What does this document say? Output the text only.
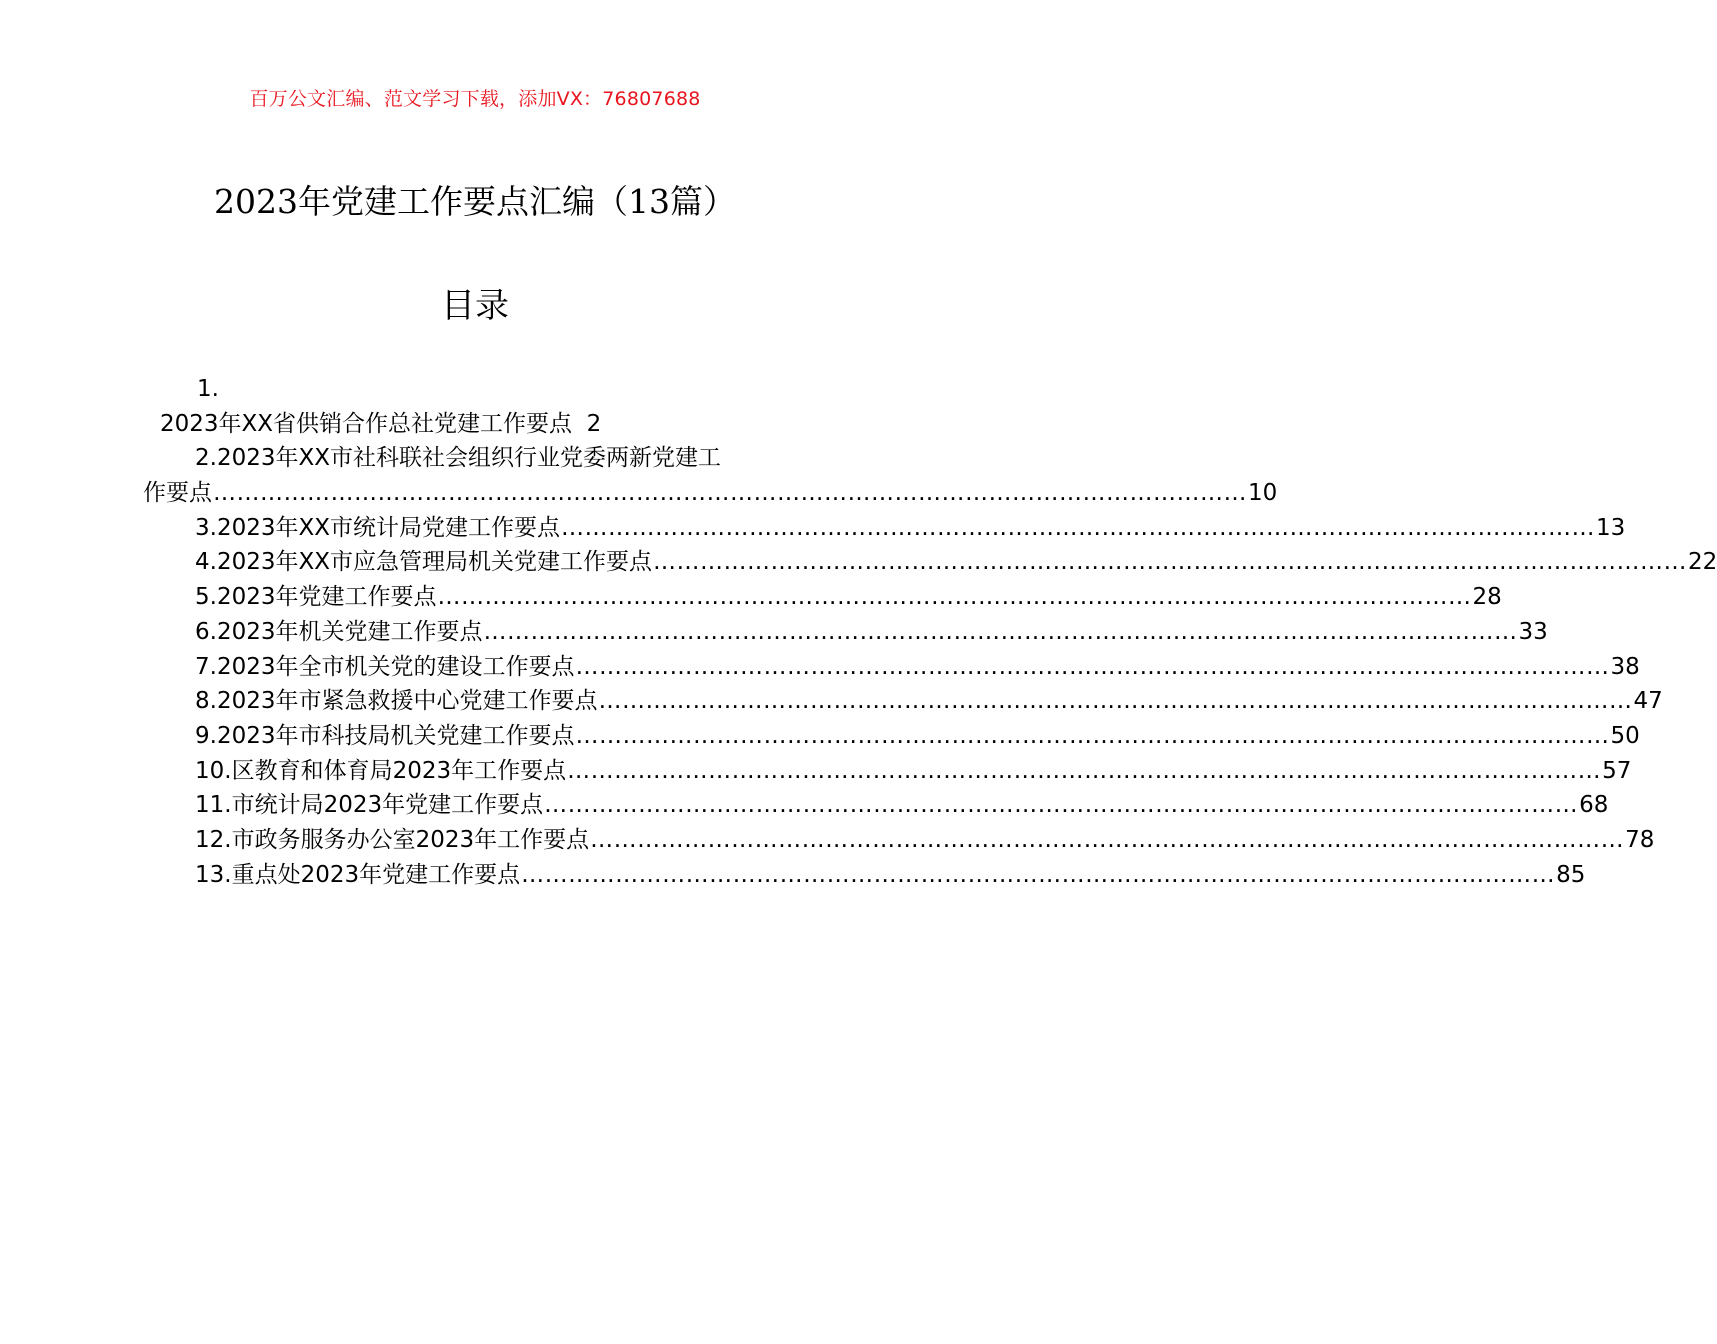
百万公文汇编、范文学习下载，添加VX：76807688
2023年党建工作要点汇编（13篇）
目录
1.
2023年XX省供销合作总社党建工作要点 2
2.2023年XX市社科联社会组织行业党委两新党建工
作要点 …………………………………………………………………………………………………………………… 10
3.2023年XX市统计局党建工作要点 …………………………………………………………………………………………………………………… 13
4.2023年XX市应急管理局机关党建工作要点 …………………………………………………………………………………………………………………… 22
5.2023年党建工作要点 …………………………………………………………………………………………………………………… 28
6.2023年机关党建工作要点 …………………………………………………………………………………………………………………… 33
7.2023年全市机关党的建设工作要点 …………………………………………………………………………………………………………………… 38
8.2023年市紧急救援中心党建工作要点 …………………………………………………………………………………………………………………… 47
9.2023年市科技局机关党建工作要点 …………………………………………………………………………………………………………………… 50
10.区教育和体育局2023年工作要点 …………………………………………………………………………………………………………………… 57
11.市统计局2023年党建工作要点 …………………………………………………………………………………………………………………… 68
12.市政务服务办公室2023年工作要点 …………………………………………………………………………………………………………………… 78
13.重点处2023年党建工作要点 …………………………………………………………………………………………………………………… 85
